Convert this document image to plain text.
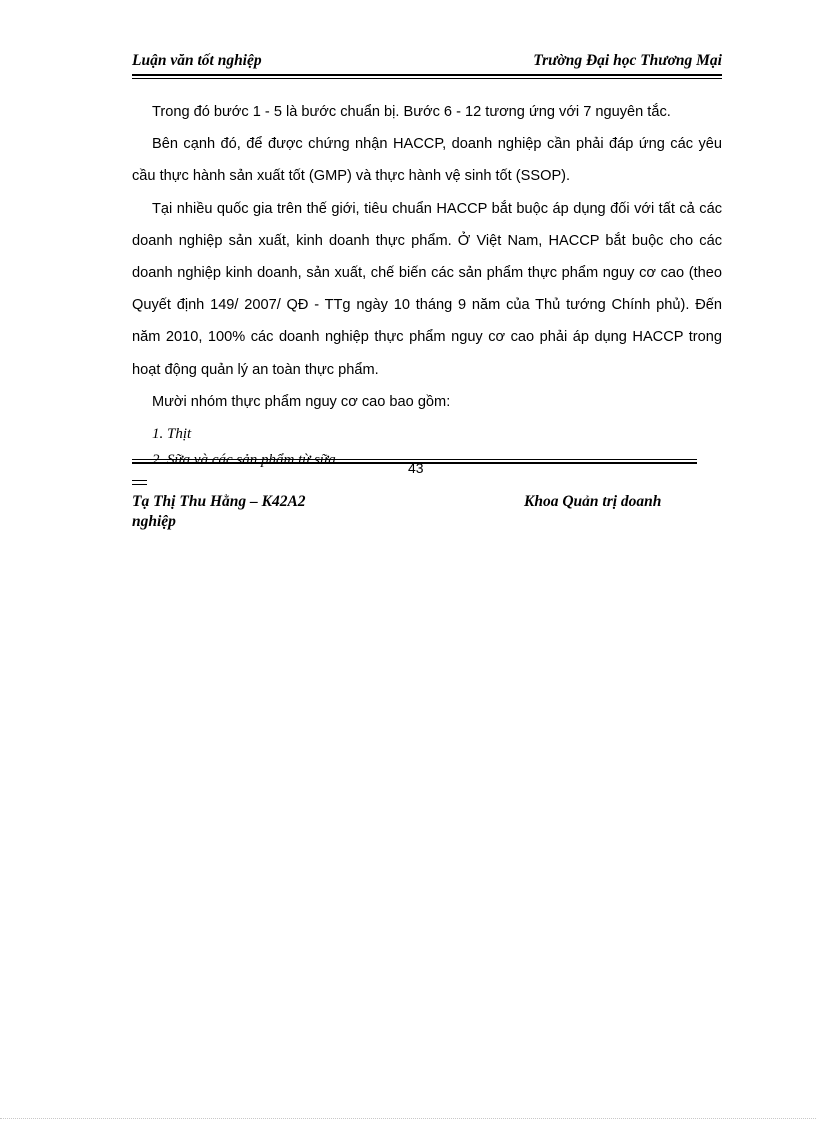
Luận văn tốt nghiệp	Trường Đại học Thương Mại

Trong đó bước 1 - 5 là bước chuẩn bị. Bước 6 - 12 tương ứng với 7 nguyên tắc.

Bên cạnh đó, để được chứng nhận HACCP, doanh nghiệp cần phải đáp ứng các yêu cầu thực hành sản xuất tốt (GMP) và thực hành vệ sinh tốt (SSOP).

Tại nhiều quốc gia trên thế giới, tiêu chuẩn HACCP bắt buộc áp dụng đối với tất cả các doanh nghiệp sản xuất, kinh doanh thực phẩm. Ở Việt Nam, HACCP bắt buộc cho các doanh nghiệp kinh doanh, sản xuất, chế biến các sản phẩm thực phẩm nguy cơ cao (theo Quyết định 149/ 2007/ QĐ - TTg ngày 10 tháng 9 năm của Thủ tướng Chính phủ). Đến năm 2010, 100% các doanh nghiệp thực phẩm nguy cơ cao phải áp dụng HACCP trong hoạt động quản lý an toàn thực phẩm.

Mười nhóm thực phẩm nguy cơ cao bao gồm:

1. Thịt
2. Sữa và các sản phẩm từ sữa	43
Tạ Thị Thu Hằng – K42A2
nghiệp
Khoa Quản trị doanh
